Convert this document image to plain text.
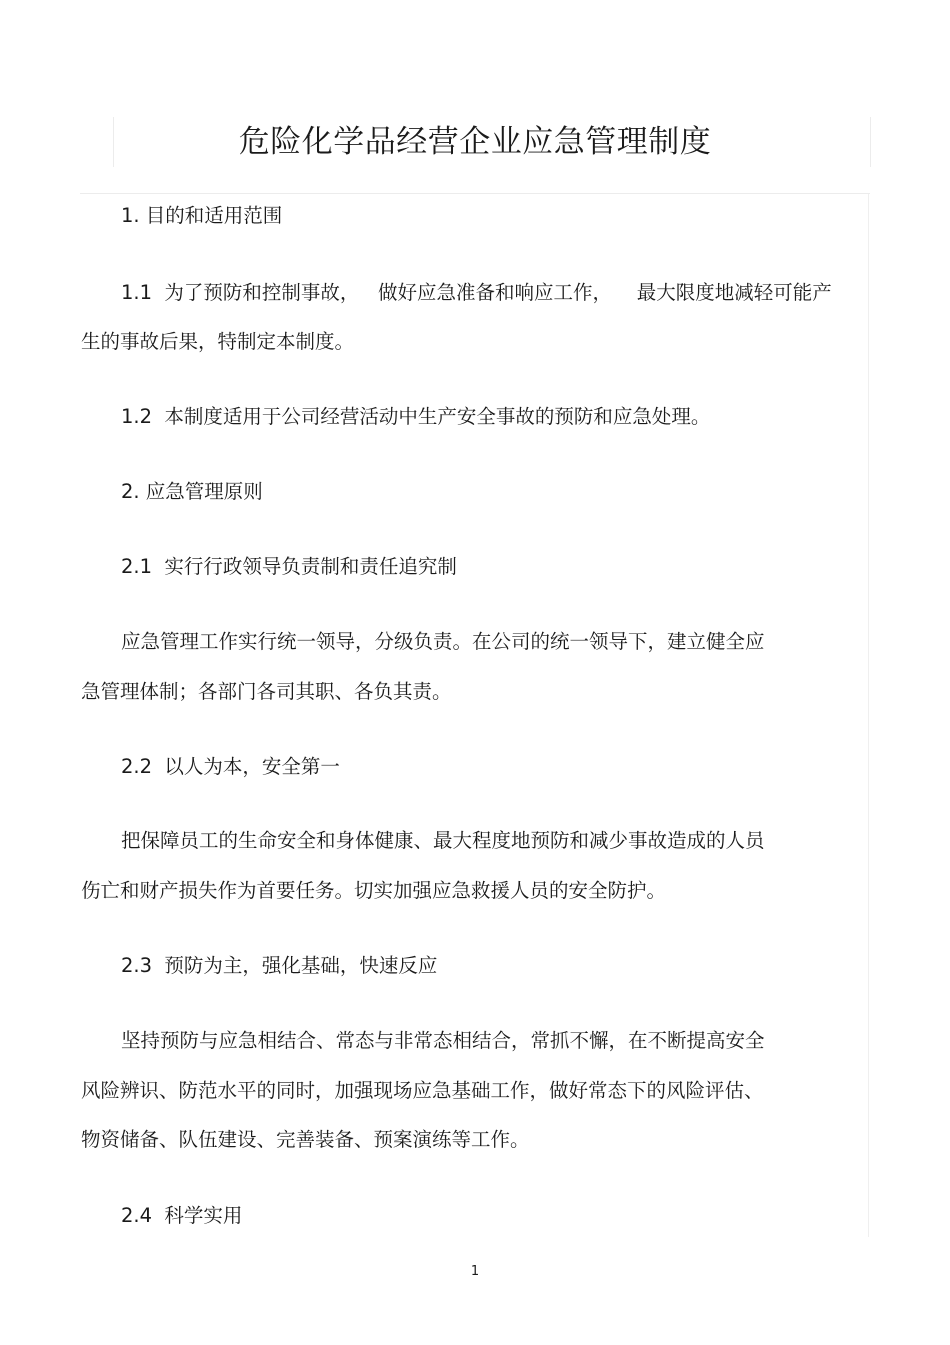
危险化学品经营企业应急管理制度
1. 目的和适用范围
1.1  为了预防和控制事故，   做好应急准备和响应工作，    最大限度地减轻可能产
生的事故后果，特制定本制度。
1.2  本制度适用于公司经营活动中生产安全事故的预防和应急处理。
2. 应急管理原则
2.1  实行行政领导负责制和责任追究制
应急管理工作实行统一领导，分级负责。在公司的统一领导下，建立健全应
急管理体制；各部门各司其职、各负其责。
2.2  以人为本，安全第一
把保障员工的生命安全和身体健康、最大程度地预防和减少事故造成的人员
伤亡和财产损失作为首要任务。切实加强应急救援人员的安全防护。
2.3  预防为主，强化基础，快速反应
坚持预防与应急相结合、常态与非常态相结合，常抓不懈，在不断提高安全
风险辨识、防范水平的同时，加强现场应急基础工作，做好常态下的风险评估、
物资储备、队伍建设、完善装备、预案演练等工作。
2.4  科学实用
1
